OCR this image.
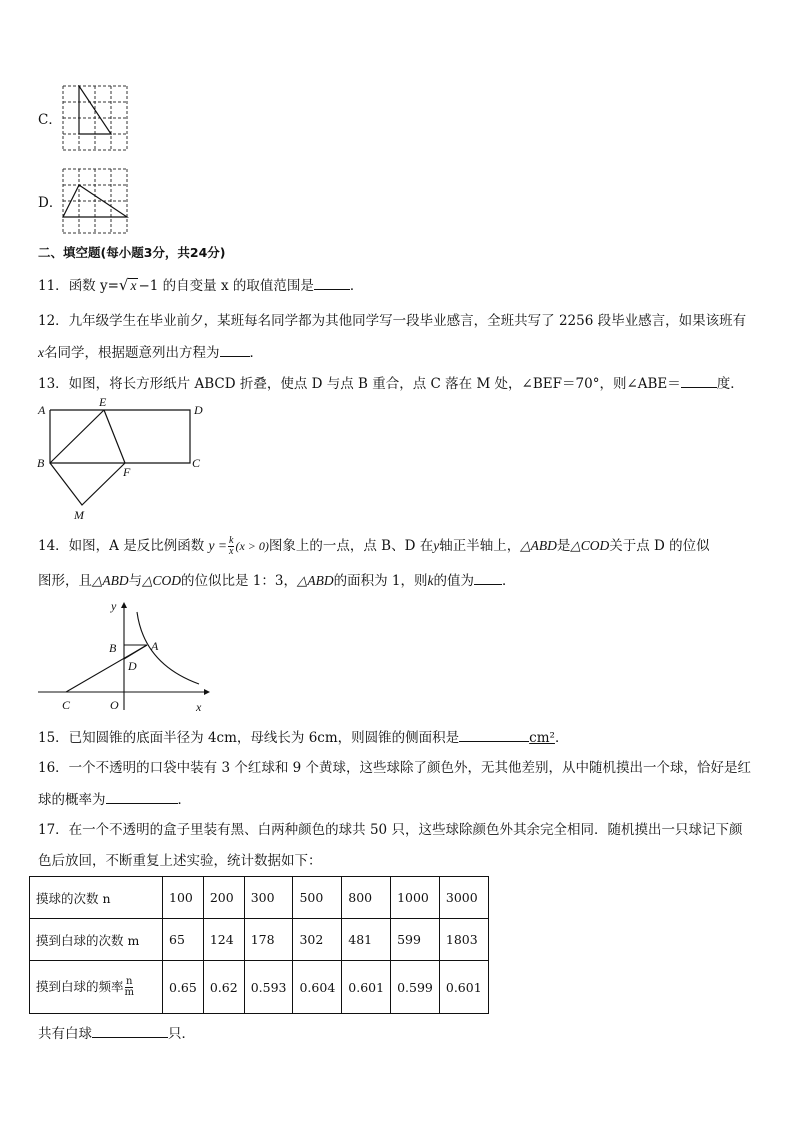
C．
D．
二、填空题(每小题3分，共24分)
11．函数 y=√ x −1 的自变量 x 的取值范围是	．
12．九年级学生在毕业前夕，某班每名同学都为其他同学写一段毕业感言，全班共写了 2256 段毕业感言，如果该班有
x名同学，根据题意列出方程为 ．
13．如图，将长方形纸片 ABCD 折叠，使点 D 与点 B 重合，点 C 落在 M 处，∠BEF＝70°，则∠ABE＝	度．
A
E
D
B
F
C
M
14．如图，A 是反比例函数 $y = \frac{k}{x} (x > 0)$图象上的一点，点 B、D 在y轴正半轴上，△ABD是△COD关于点 D 的位似
图形，且△ABD与△COD的位似比是 1：3，△ABD的面积为 1，则k的值为 ．
y
B	A
D
C	O	x
15．已知圆锥的底面半径为 4cm，母线长为 6cm，则圆锥的侧面积是	cm²．
16．一个不透明的口袋中装有 3 个红球和 9 个黄球，这些球除了颜色外，无其他差别，从中随机摸出一个球，恰好是红
球的概率为	．
17．在一个不透明的盒子里装有黑、白两种颜色的球共 50 只，这些球除颜色外其余完全相同．随机摸出一只球记下颜
色后放回，不断重复上述实验，统计数据如下：
摸球的次数 n	100	200	300	500	800	1000	3000
摸到白球的次数 m	65	124	178	302	481	599	1803
摸到白球的频率 $\frac{n}{m}$	0.65	0.62	0.593	0.604	0.601	0.599	0.601
共有白球	只．
